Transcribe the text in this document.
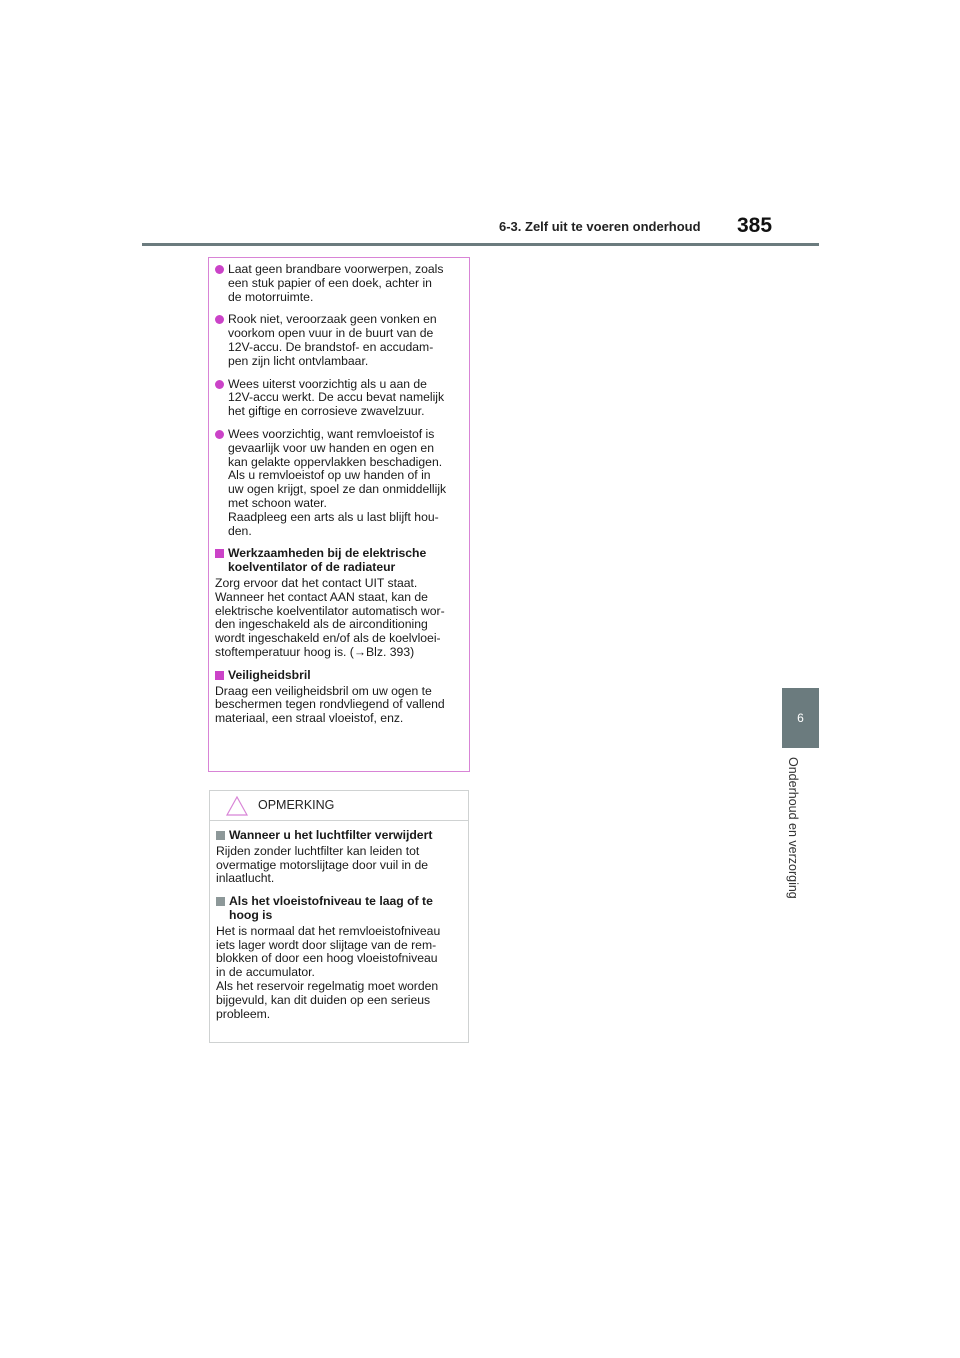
6-3. Zelf uit te voeren onderhoud 385
6
Onderhoud en verzorging
Laat geen brandbare voorwerpen, zoals
een stuk papier of een doek, achter in
de motorruimte.
Rook niet, veroorzaak geen vonken en
voorkom open vuur in de buurt van de
12V-accu. De brandstof- en accudam-
pen zijn licht ontvlambaar.
Wees uiterst voorzichtig als u aan de
12V-accu werkt. De accu bevat namelijk
het giftige en corrosieve zwavelzuur.
Wees voorzichtig, want remvloeistof is
gevaarlijk voor uw handen en ogen en
kan gelakte oppervlakken beschadigen.
Als u remvloeistof op uw handen of in
uw ogen krijgt, spoel ze dan onmiddellijk
met schoon water.
Raadpleeg een arts als u last blijft hou-
den.
Werkzaamheden bij de elektrische
koelventilator of de radiateur
Zorg ervoor dat het contact UIT staat.
Wanneer het contact AAN staat, kan de
elektrische koelventilator automatisch wor-
den ingeschakeld als de airconditioning
wordt ingeschakeld en/of als de koelvloei-
stoftemperatuur hoog is. (→Blz. 393)
Veiligheidsbril
Draag een veiligheidsbril om uw ogen te
beschermen tegen rondvliegend of vallend
materiaal, een straal vloeistof, enz.
OPMERKING
Wanneer u het luchtfilter verwijdert
Rijden zonder luchtfilter kan leiden tot
overmatige motorslijtage door vuil in de
inlaatlucht.
Als het vloeistofniveau te laag of te
hoog is
Het is normaal dat het remvloeistofniveau
iets lager wordt door slijtage van de rem-
blokken of door een hoog vloeistofniveau
in de accumulator.
Als het reservoir regelmatig moet worden
bijgevuld, kan dit duiden op een serieus
probleem.
